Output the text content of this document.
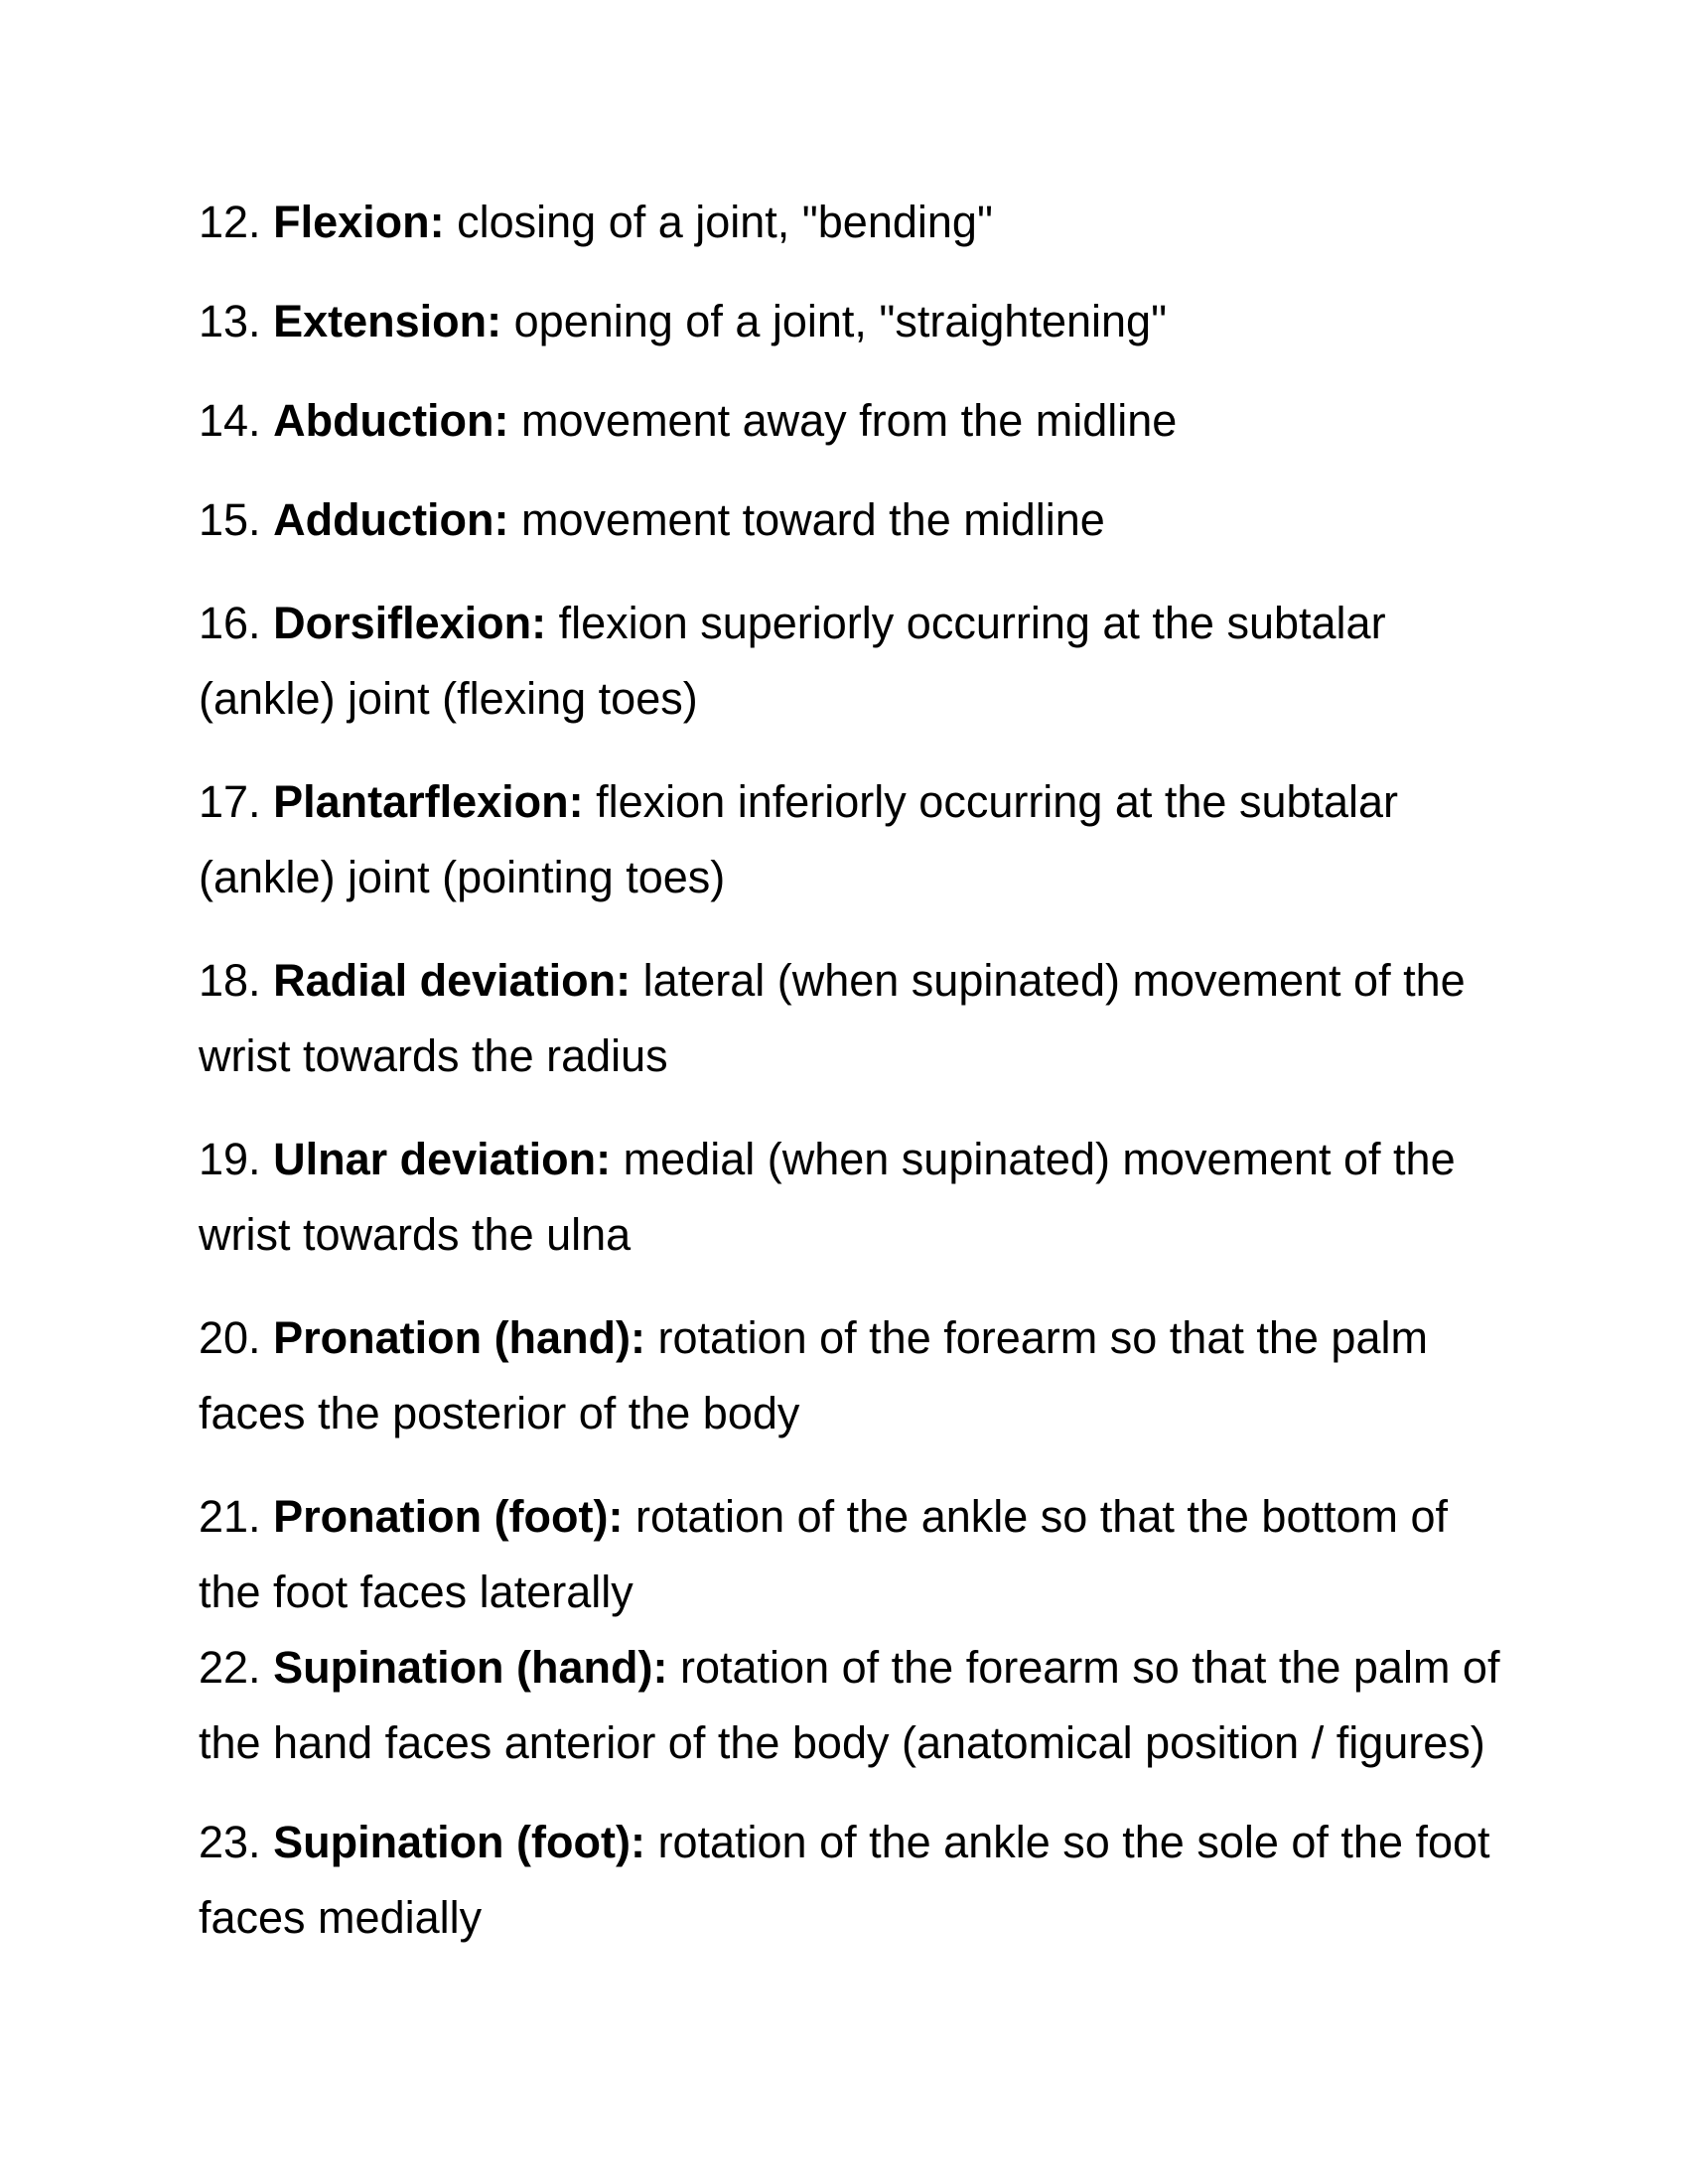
12. Flexion: closing of a joint, "bending"

13. Extension: opening of a joint, "straightening"

14. Abduction: movement away from the midline

15. Adduction: movement toward the midline

16. Dorsiflexion: flexion superiorly occurring at the subtalar (ankle) joint (flexing toes)

17. Plantarflexion: flexion inferiorly occurring at the subtalar (ankle) joint (pointing toes)

18. Radial deviation: lateral (when supinated) movement of the wrist towards the radius

19. Ulnar deviation: medial (when supinated) movement of the wrist towards the ulna

20. Pronation (hand): rotation of the forearm so that the palm faces the posterior of the body

21. Pronation (foot): rotation of the ankle so that the bottom of the foot faces laterally

22. Supination (hand): rotation of the forearm so that the palm of the hand faces anterior of the body (anatomical position / figures)

23. Supination (foot): rotation of the ankle so the sole of the foot faces medially
